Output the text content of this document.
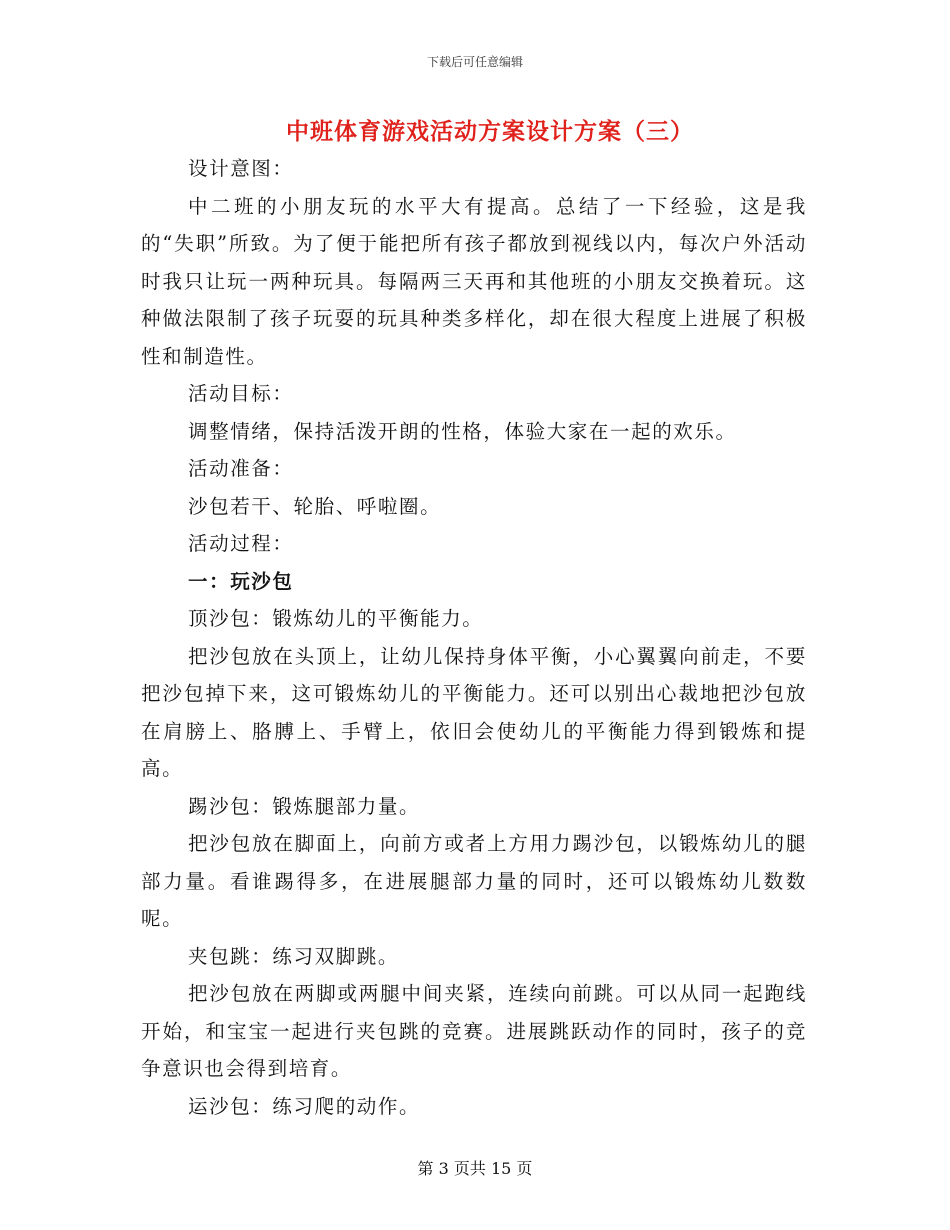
下载后可任意编辑
中班体育游戏活动方案设计方案（三）

设计意图：

中二班的小朋友玩的水平大有提高。总结了一下经验，这是我的“失职”所致。为了便于能把所有孩子都放到视线以内，每次户外活动时我只让玩一两种玩具。每隔两三天再和其他班的小朋友交换着玩。这种做法限制了孩子玩耍的玩具种类多样化，却在很大程度上进展了积极性和制造性。

活动目标：

调整情绪，保持活泼开朗的性格，体验大家在一起的欢乐。

活动准备：

沙包若干、轮胎、呼啦圈。

活动过程：

一：玩沙包

顶沙包：锻炼幼儿的平衡能力。

把沙包放在头顶上，让幼儿保持身体平衡，小心翼翼向前走，不要把沙包掉下来，这可锻炼幼儿的平衡能力。还可以别出心裁地把沙包放在肩膀上、胳膊上、手臂上，依旧会使幼儿的平衡能力得到锻炼和提高。

踢沙包：锻炼腿部力量。

把沙包放在脚面上，向前方或者上方用力踢沙包，以锻炼幼儿的腿部力量。看谁踢得多，在进展腿部力量的同时，还可以锻炼幼儿数数呢。

夹包跳：练习双脚跳。

把沙包放在两脚或两腿中间夹紧，连续向前跳。可以从同一起跑线开始，和宝宝一起进行夹包跳的竞赛。进展跳跃动作的同时，孩子的竞争意识也会得到培育。

运沙包：练习爬的动作。

第 3 页共 15 页
